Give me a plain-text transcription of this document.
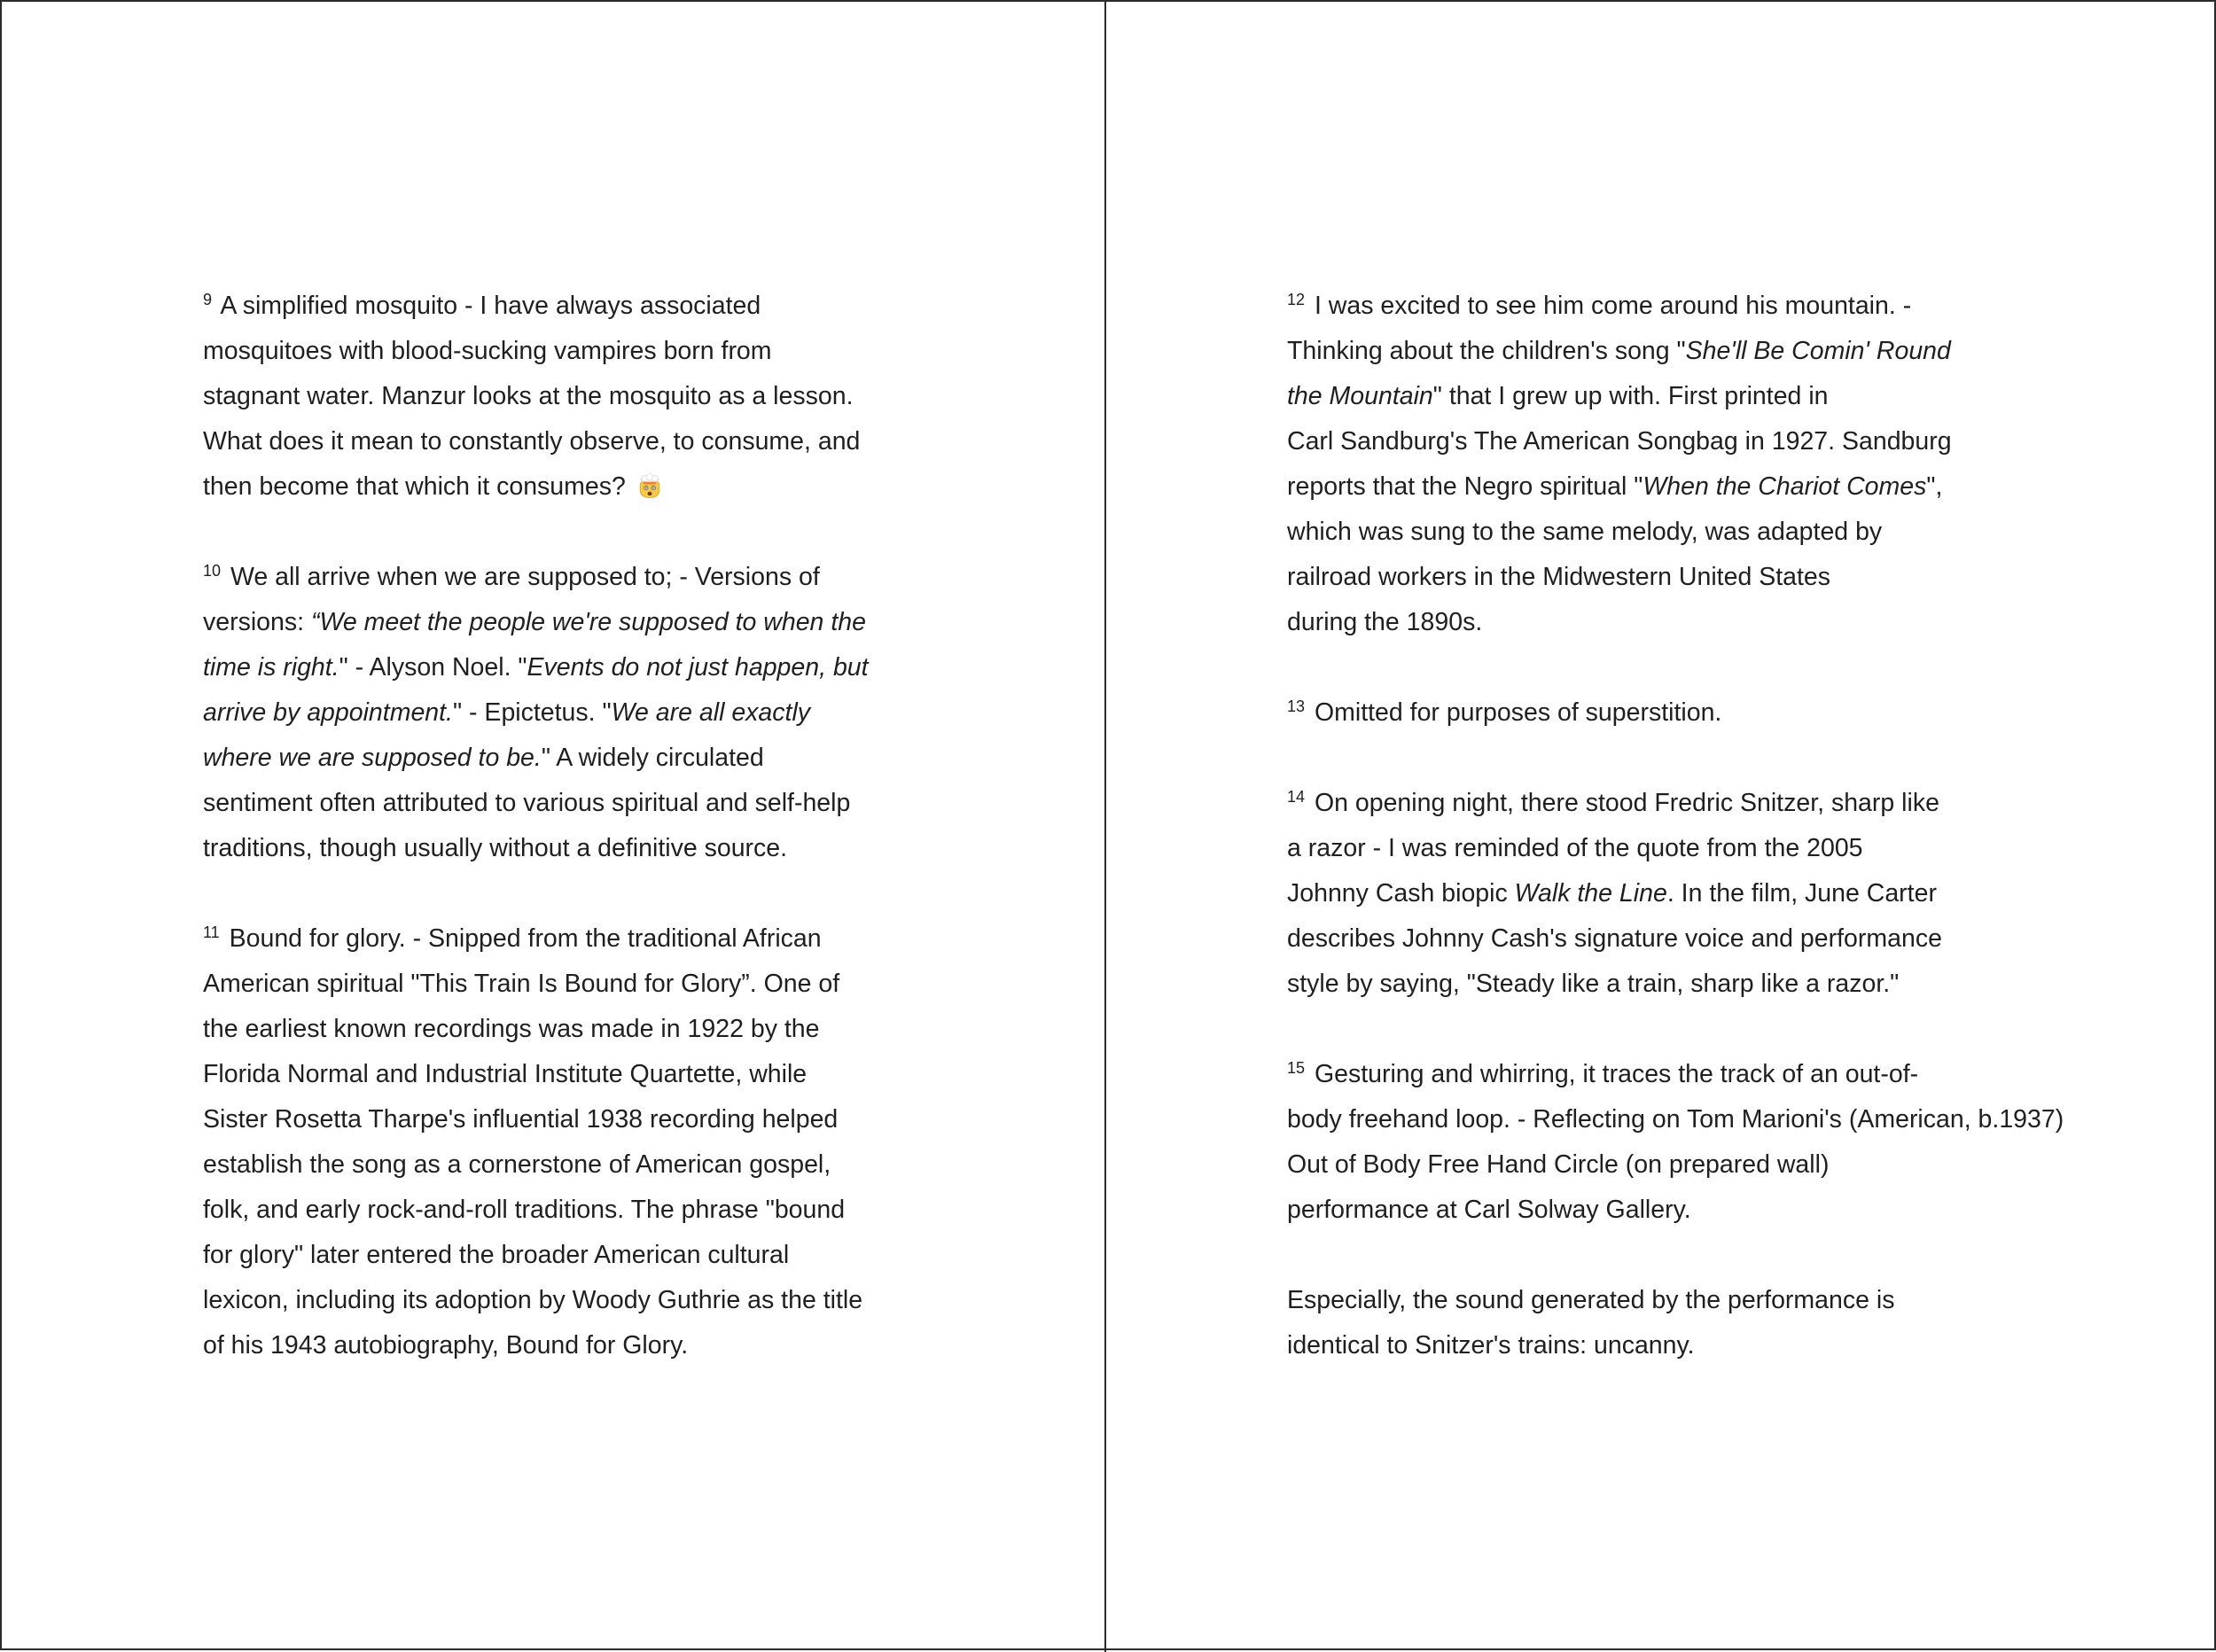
$^9$ A simplified mosquito - I have always associated
mosquitoes with blood-sucking vampires born from
stagnant water. Manzur looks at the mosquito as a lesson.
What does it mean to constantly observe, to consume, and
then become that which it consumes?
$^{10}$ We all arrive when we are supposed to; - Versions of
versions: “We meet the people we're supposed to when the
time is right." - Alyson Noel. "Events do not just happen, but
arrive by appointment." - Epictetus. "We are all exactly
where we are supposed to be." A widely circulated
sentiment often attributed to various spiritual and self-help
traditions, though usually without a definitive source.
$^{11}$ Bound for glory. - Snipped from the traditional African
American spiritual "This Train Is Bound for Glory”. One of
the earliest known recordings was made in 1922 by the
Florida Normal and Industrial Institute Quartette, while
Sister Rosetta Tharpe's influential 1938 recording helped
establish the song as a cornerstone of American gospel,
folk, and early rock-and-roll traditions. The phrase "bound
for glory" later entered the broader American cultural
lexicon, including its adoption by Woody Guthrie as the title
of his 1943 autobiography, Bound for Glory.
$^{12}$ I was excited to see him come around his mountain. -
Thinking about the children's song "She'll Be Comin' Round
the Mountain" that I grew up with. First printed in
Carl Sandburg's The American Songbag in 1927. Sandburg
reports that the Negro spiritual "When the Chariot Comes",
which was sung to the same melody, was adapted by
railroad workers in the Midwestern United States
during the 1890s.
$^{13}$ Omitted for purposes of superstition.
$^{14}$ On opening night, there stood Fredric Snitzer, sharp like
a razor - I was reminded of the quote from the 2005
Johnny Cash biopic Walk the Line. In the film, June Carter
describes Johnny Cash's signature voice and performance
style by saying, "Steady like a train, sharp like a razor."
$^{15}$ Gesturing and whirring, it traces the track of an out-of-
body freehand loop. - Reflecting on Tom Marioni's (American, b.1937)
Out of Body Free Hand Circle (on prepared wall)
performance at Carl Solway Gallery.
Especially, the sound generated by the performance is
identical to Snitzer's trains: uncanny.
